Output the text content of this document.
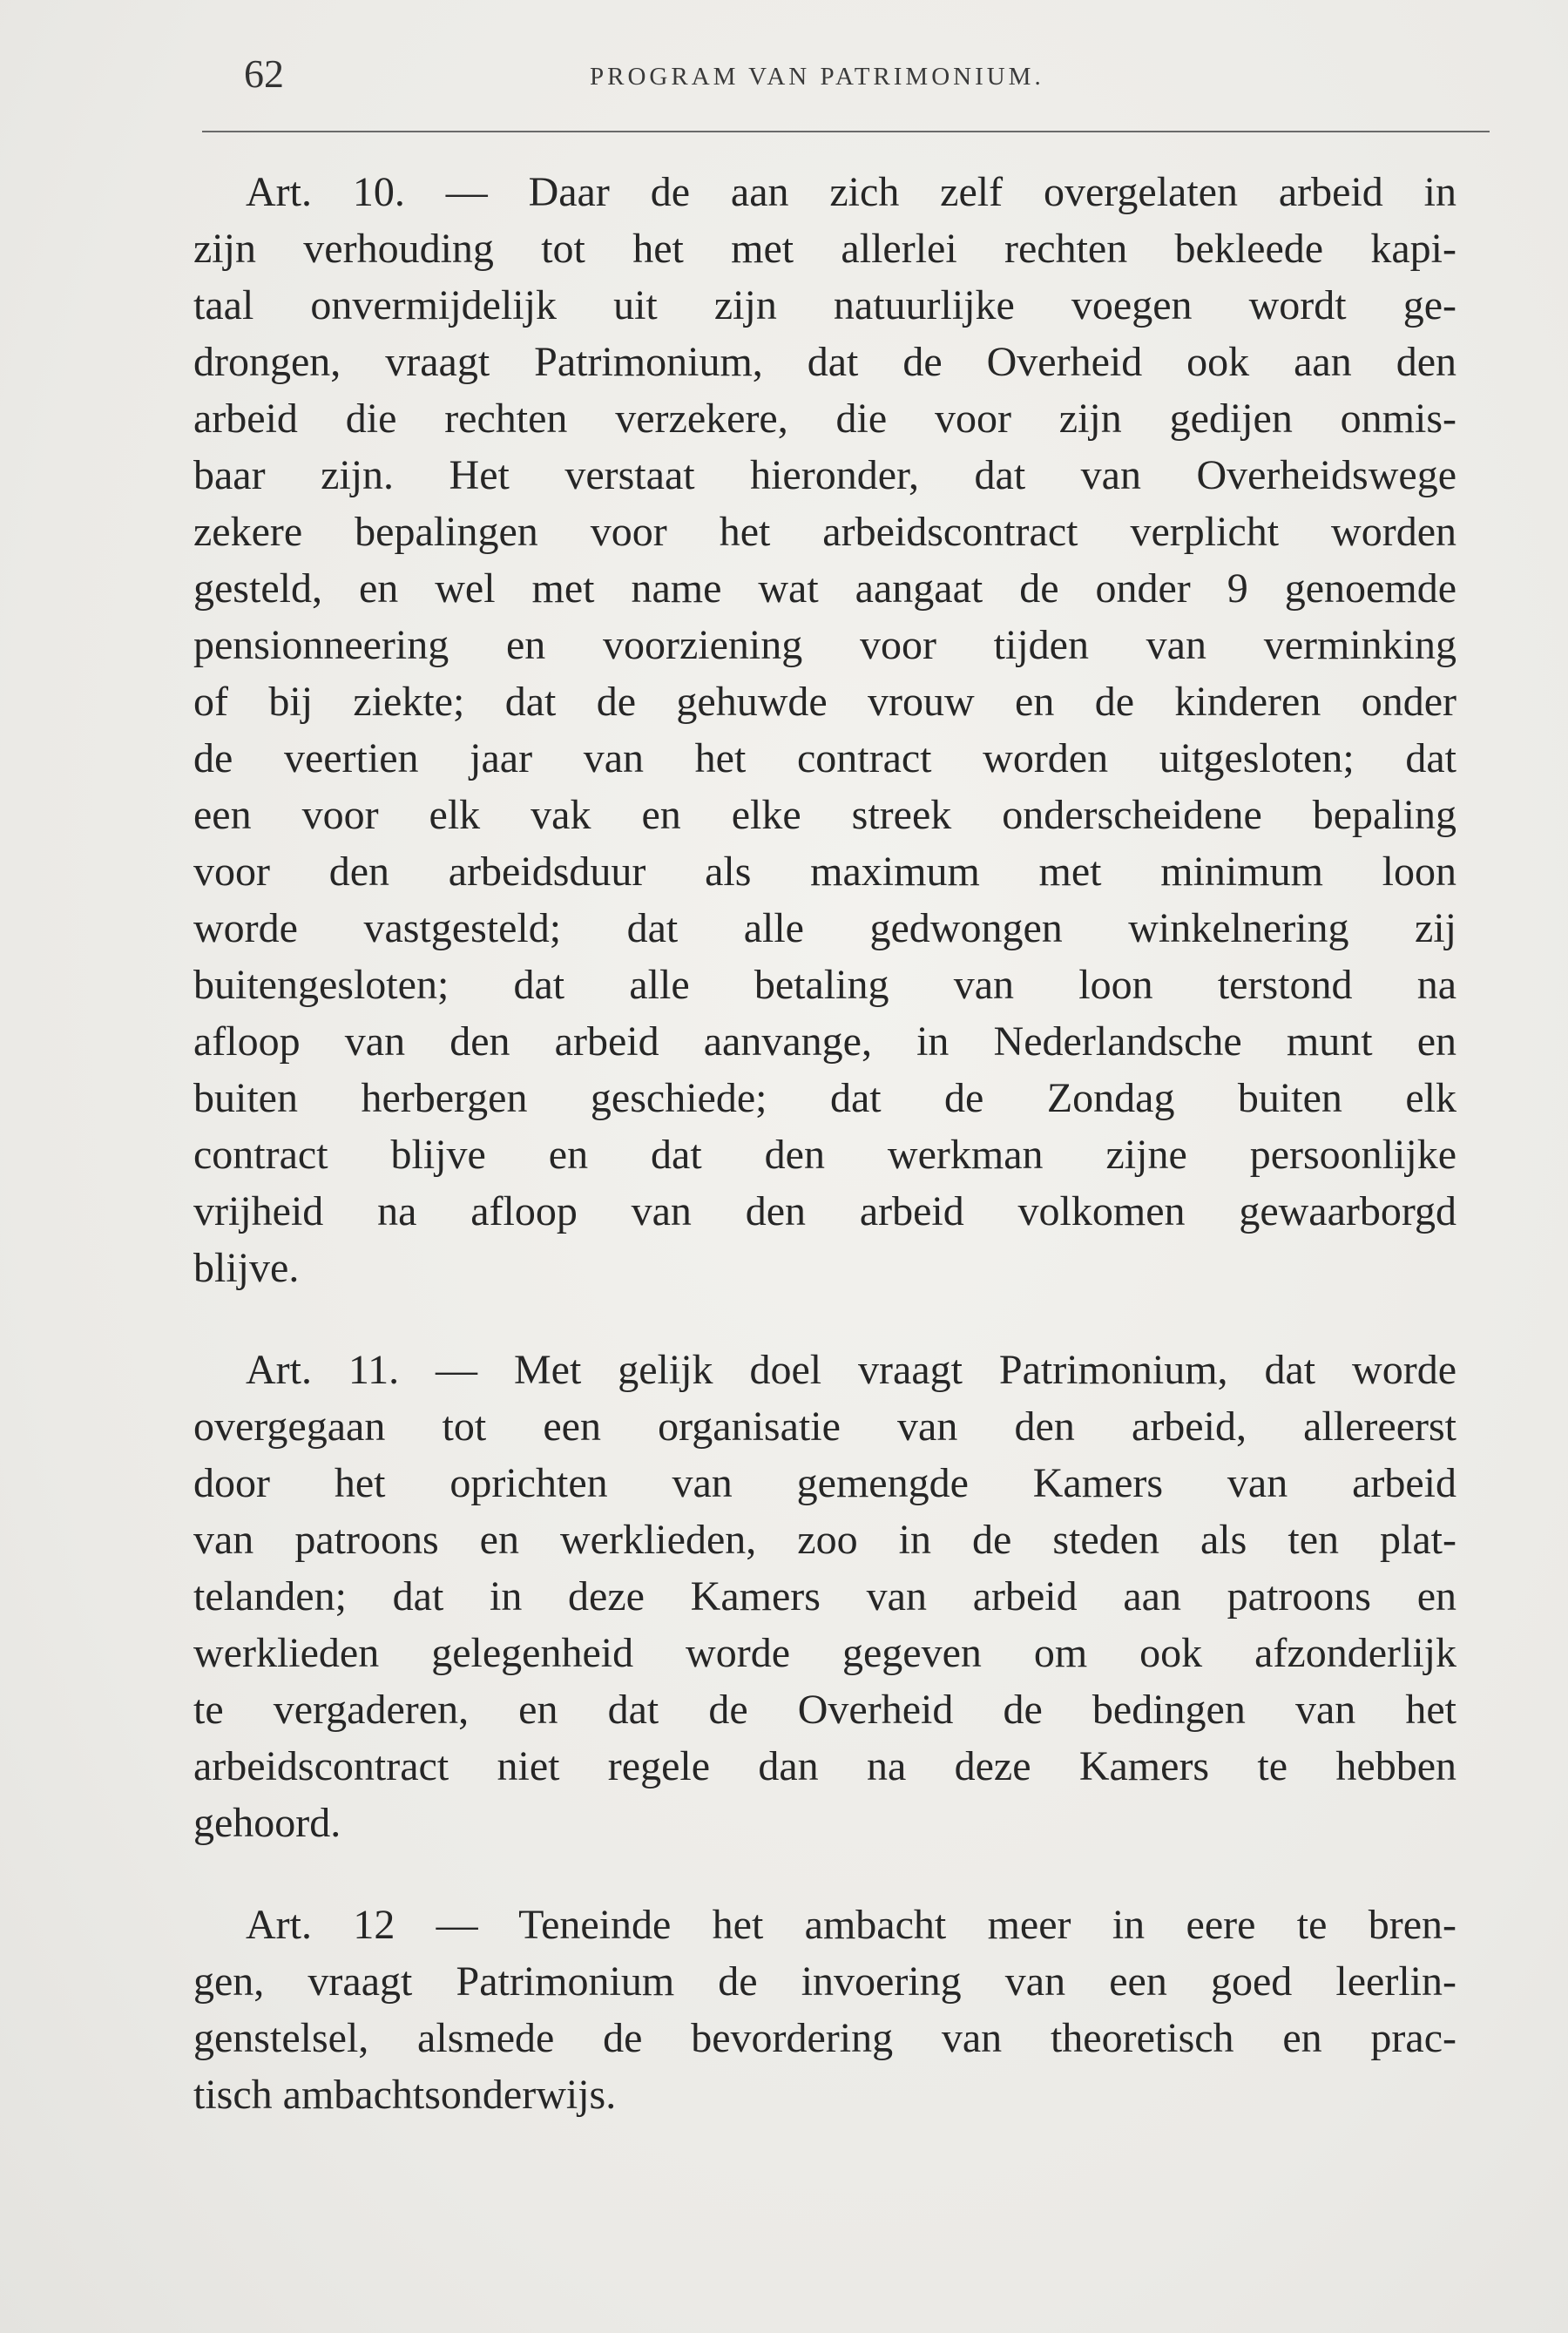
62	PROGRAM VAN PATRIMONIUM.
Art. 10. — Daar de aan zich zelf overgelaten arbeid in
zijn verhouding tot het met allerlei rechten bekleede kapi-
taal onvermijdelijk uit zijn natuurlijke voegen wordt ge-
drongen, vraagt Patrimonium, dat de Overheid ook aan den
arbeid die rechten verzekere, die voor zijn gedijen onmis-
baar zijn. Het verstaat hieronder, dat van Overheidswege
zekere bepalingen voor het arbeidscontract verplicht worden
gesteld, en wel met name wat aangaat de onder 9 genoemde
pensionneering en voorziening voor tijden van verminking
of bij ziekte; dat de gehuwde vrouw en de kinderen onder
de veertien jaar van het contract worden uitgesloten; dat
een voor elk vak en elke streek onderscheidene bepaling
voor den arbeidsduur als maximum met minimum loon
worde vastgesteld; dat alle gedwongen winkelnering zij
buitengesloten; dat alle betaling van loon terstond na
afloop van den arbeid aanvange, in Nederlandsche munt en
buiten herbergen geschiede; dat de Zondag buiten elk
contract blijve en dat den werkman zijne persoonlijke
vrijheid na afloop van den arbeid volkomen gewaarborgd
blijve.
Art. 11. — Met gelijk doel vraagt Patrimonium, dat worde
overgegaan tot een organisatie van den arbeid, allereerst
door het oprichten van gemengde Kamers van arbeid
van patroons en werklieden, zoo in de steden als ten plat-
telanden; dat in deze Kamers van arbeid aan patroons en
werklieden gelegenheid worde gegeven om ook afzonderlijk
te vergaderen, en dat de Overheid de bedingen van het
arbeidscontract niet regele dan na deze Kamers te hebben
gehoord.
Art. 12 — Teneinde het ambacht meer in eere te bren-
gen, vraagt Patrimonium de invoering van een goed leerlin-
genstelsel, alsmede de bevordering van theoretisch en prac-
tisch ambachtsonderwijs.
